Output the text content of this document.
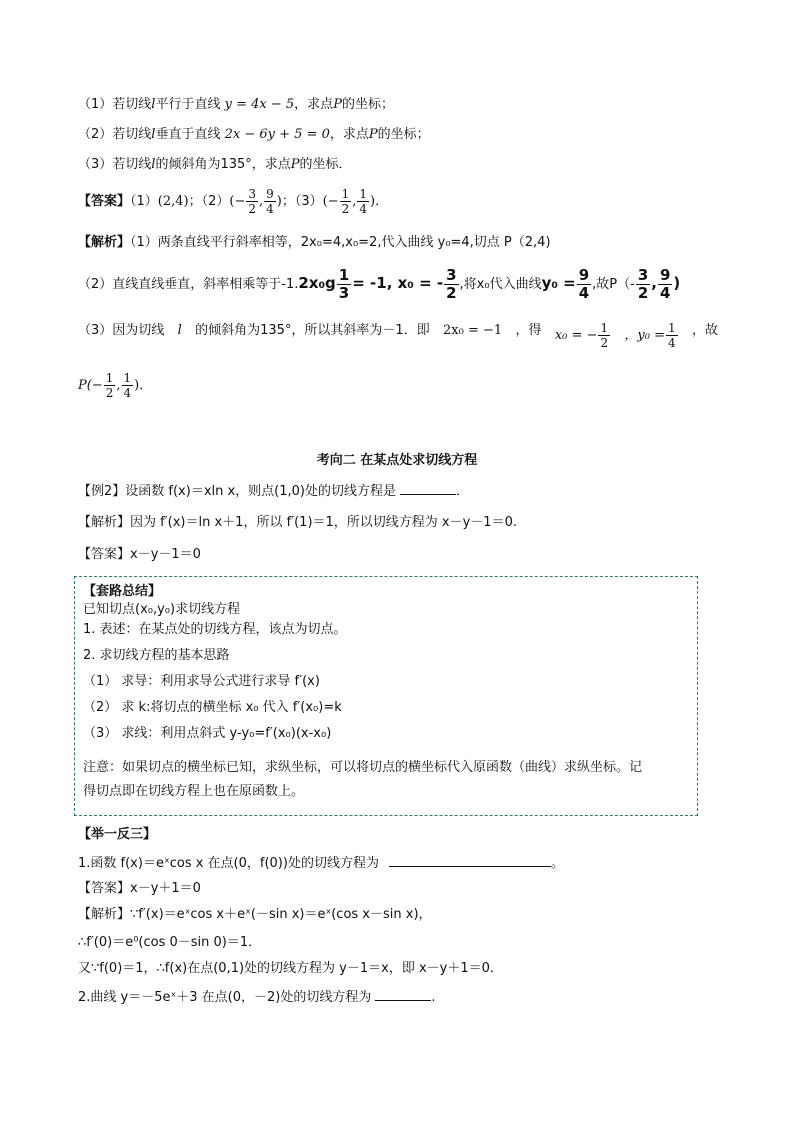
（1）若切线l平行于直线 y = 4x − 5，求点P的坐标；
（2）若切线l垂直于直线 2x − 6y + 5 = 0，求点P的坐标；
（3）若切线l的倾斜角为135°，求点P的坐标．
【答案】（1）(2,4)；$(2)(- \frac{3}{2}$ , $\frac{9}{4}$ )；$(3)(- \frac{1}{2}$ , $\frac{1}{4}$ )．
【解析】（1）两条直线平行斜率相等，2x₀=4,x₀=2,代入曲线 y₀=4,切点 P（2,4)
（2）直线直线垂直，斜率相乘等于$-1.2x_0g \frac{1}{3} = -1$, x₀ = - $\frac{3}{2}$ ,将x₀代入曲线$y_0 = \frac{9}{4}$ ,故$P(- \frac{3}{2}$ , $\frac{9}{4}$ )
（3）因为切线 l 的倾斜角为135°，所以其斜率为－1．即 2x₀ = −1 ，得 x₀ = − $\frac{1}{2}$ ，$y_0 = \frac{1}{4}$ ，故
$P(- \frac{1}{2}$ , $\frac{1}{4}$ )．
考向二 在某点处求切线方程
【例2】设函数 f(x)＝xln x，则点(1,0)处的切线方程是	．
【解析】因为 f′(x)＝ln x＋1，所以 f′(1)＝1，所以切线方程为 x－y－1＝0.
【答案】x－y－1＝0
【套路总结】
已知切点(x₀,y₀)求切线方程
1. 表述：在某点处的切线方程，该点为切点。
2. 求切线方程的基本思路
（1） 求导：利用求导公式进行求导 f′(x)
（2） 求 k:将切点的横坐标 x₀ 代入 f′(x₀)=k
（3） 求线：利用点斜式 y-y₀=f′(x₀)(x-x₀)
注意：如果切点的横坐标已知，求纵坐标，可以将切点的横坐标代入原函数（曲线）求纵坐标。记
得切点即在切线方程上也在原函数上。
【举一反三】
1.函数 f(x)＝eˣcos x 在点(0，f(0))处的切线方程为	。
【答案】x－y＋1＝0
【解析】∵f′(x)＝eˣcos x＋eˣ(－sin x)＝eˣ(cos x－sin x)，
∴f′(0)＝e⁰(cos 0－sin 0)＝1．
又∵f(0)＝1，∴f(x)在点(0,1)处的切线方程为 y－1＝x，即 x－y＋1＝0．
2.曲线 y＝－5eˣ＋3 在点(0，－2)处的切线方程为	.
